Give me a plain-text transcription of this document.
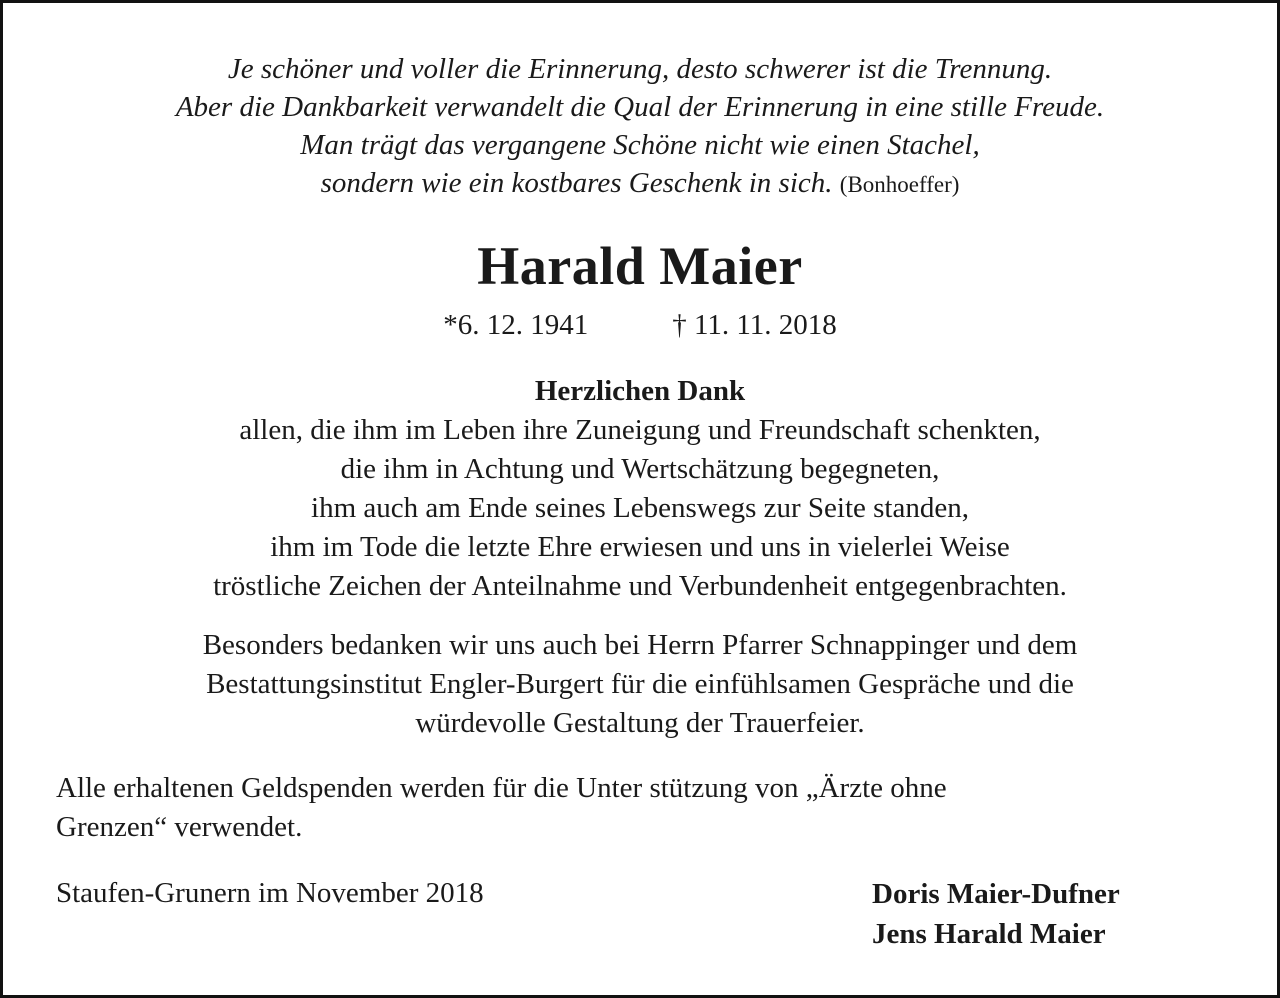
Je schöner und voller die Erinnerung, desto schwerer ist die Trennung.
Aber die Dankbarkeit verwandelt die Qual der Erinnerung in eine stille Freude.
Man trägt das vergangene Schöne nicht wie einen Stachel,
sondern wie ein kostbares Geschenk in sich. (Bonhoeffer)
Harald Maier
*6. 12. 1941	† 11. 11. 2018
Herzlichen Dank
allen, die ihm im Leben ihre Zuneigung und Freundschaft schenkten,
die ihm in Achtung und Wertschätzung begegneten,
ihm auch am Ende seines Lebenswegs zur Seite standen,
ihm im Tode die letzte Ehre erwiesen und uns in vielerlei Weise
tröstliche Zeichen der Anteilnahme und Verbundenheit entgegenbrachten.
Besonders bedanken wir uns auch bei Herrn Pfarrer Schnappinger und dem
Bestattungsinstitut Engler-Burgert für die einfühlsamen Gespräche und die
würdevolle Gestaltung der Trauerfeier.
Alle erhaltenen Geldspenden werden für die Unter stützung von „Ärzte ohne
Grenzen“ verwendet.
Staufen-Grunern im November 2018	Doris Maier-Dufner
Jens Harald Maier
